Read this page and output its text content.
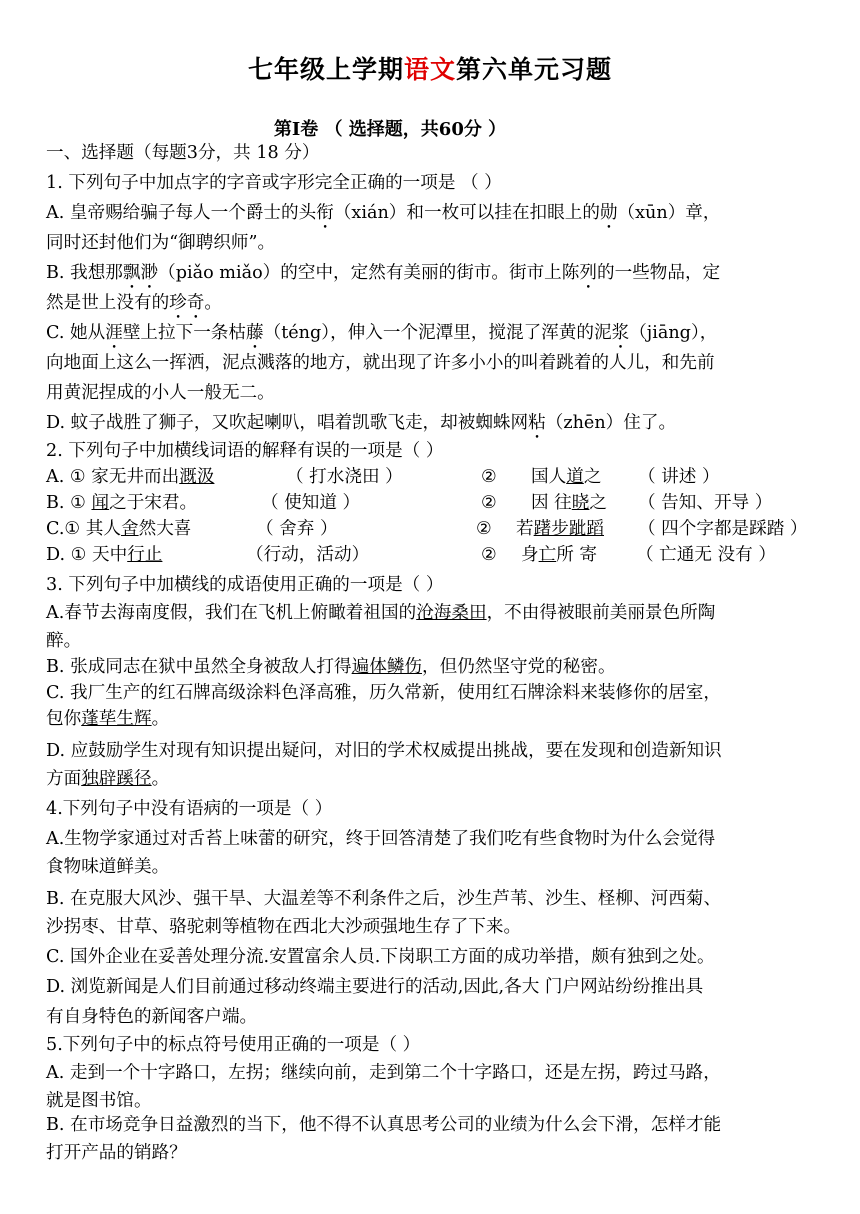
七年级上学期语文第六单元习题
第Ⅰ卷 （ 选择题，共60分 ）
一、选择题（每题3分，共 18 分）
1. 下列句子中加点字的字音或字形完全正确的一项是 （ ）
A. 皇帝赐给骗子每人一个爵士的头衔（xián）和一枚可以挂在扣眼上的勋（xūn）章，
同时还封他们为“御聘织师”。
B. 我想那飘渺（piǎo miǎo）的空中，定然有美丽的街市。街市上陈列的一些物品，定
然是世上没有的珍奇。
C. 她从涯壁上拉下一条枯藤（téng），伸入一个泥潭里，搅混了浑黄的泥浆（jiāng），
向地面上这么一挥洒，泥点溅落的地方，就出现了许多小小的叫着跳着的人儿，和先前
用黄泥捏成的小人一般无二。
D. 蚊子战胜了狮子，又吹起喇叭，唱着凯歌飞走，却被蜘蛛网粘（zhēn）住了。
2. 下列句子中加横线词语的解释有误的一项是（ ）
A. ① 家无井而出溉汲	（ 打水浇田 ）	② 国人道之 （ 讲述 ）
B. ① 闻之于宋君。	（ 使知道 ）	② 因 往晓之 （ 告知、开导 ）
C.① 其人舍然大喜	（ 舍弃 ）	② 若躇步跐蹈 （ 四个字都是踩踏 ）
D. ① 天中行止	（行动，活动）	② 身亡所 寄 （ 亡通无 没有 ）
3. 下列句子中加横线的成语使用正确的一项是（ ）
A.春节去海南度假，我们在飞机上俯瞰着祖国的沧海桑田，不由得被眼前美丽景色所陶
醉。
B. 张成同志在狱中虽然全身被敌人打得遍体鳞伤，但仍然坚守党的秘密。
C. 我厂生产的红石牌高级涂料色泽高雅，历久常新，使用红石牌涂料来装修你的居室，
包你蓬荜生辉。
D. 应鼓励学生对现有知识提出疑问，对旧的学术权威提出挑战，要在发现和创造新知识
方面独辟蹊径。
4.下列句子中没有语病的一项是（ ）
A.生物学家通过对舌苔上味蕾的研究，终于回答清楚了我们吃有些食物时为什么会觉得
食物味道鲜美。
B. 在克服大风沙、强干旱、大温差等不利条件之后，沙生芦苇、沙生、柽柳、河西菊、
沙拐枣、甘草、骆驼刺等植物在西北大沙顽强地生存了下来。
C. 国外企业在妥善处理分流.安置富余人员.下岗职工方面的成功举措，颇有独到之处。
D. 浏览新闻是人们目前通过移动终端主要进行的活动,因此,各大 门户网站纷纷推出具
有自身特色的新闻客户端。
5.下列句子中的标点符号使用正确的一项是（ ）
A. 走到一个十字路口，左拐；继续向前，走到第二个十字路口，还是左拐，跨过马路，
就是图书馆。
B. 在市场竞争日益激烈的当下，他不得不认真思考公司的业绩为什么会下滑，怎样才能
打开产品的销路？
